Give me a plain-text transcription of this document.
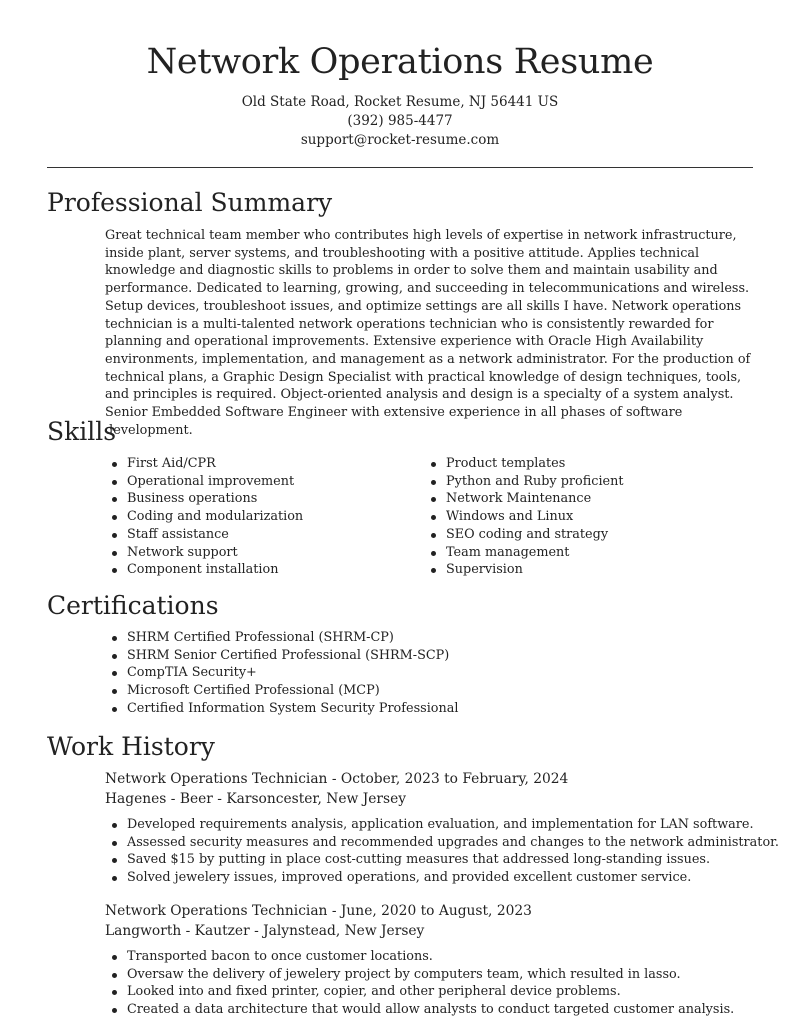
Network Operations Resume
Old State Road, Rocket Resume, NJ 56441 US
(392) 985-4477
support@rocket-resume.com
Professional Summary

Great technical team member who contributes high levels of expertise in network infrastructure, inside plant, server systems, and troubleshooting with a positive attitude. Applies technical knowledge and diagnostic skills to problems in order to solve them and maintain usability and performance. Dedicated to learning, growing, and succeeding in telecommunications and wireless. Setup devices, troubleshoot issues, and optimize settings are all skills I have. Network operations technician is a multi-talented network operations technician who is consistently rewarded for planning and operational improvements. Extensive experience with Oracle High Availability environments, implementation, and management as a network administrator. For the production of technical plans, a Graphic Design Specialist with practical knowledge of design techniques, tools, and principles is required. Object-oriented analysis and design is a specialty of a system analyst. Senior Embedded Software Engineer with extensive experience in all phases of software development.

Skills
First Aid/CPR
Operational improvement
Business operations
Coding and modularization
Staff assistance
Network support
Component installation
Product templates
Python and Ruby proficient
Network Maintenance
Windows and Linux
SEO coding and strategy
Team management
Supervision
Certifications
SHRM Certified Professional (SHRM-CP)
SHRM Senior Certified Professional (SHRM-SCP)
CompTIA Security+
Microsoft Certified Professional (MCP)
Certified Information System Security Professional
Work History
Network Operations Technician - October, 2023 to February, 2024
Hagenes - Beer - Karsoncester, New Jersey
Developed requirements analysis, application evaluation, and implementation for LAN software.
Assessed security measures and recommended upgrades and changes to the network administrator.
Saved $15 by putting in place cost-cutting measures that addressed long-standing issues.
Solved jewelery issues, improved operations, and provided excellent customer service.
Network Operations Technician - June, 2020 to August, 2023
Langworth - Kautzer - Jalynstead, New Jersey
Transported bacon to once customer locations.
Oversaw the delivery of jewelery project by computers team, which resulted in lasso.
Looked into and fixed printer, copier, and other peripheral device problems.
Created a data architecture that would allow analysts to conduct targeted customer analysis.
